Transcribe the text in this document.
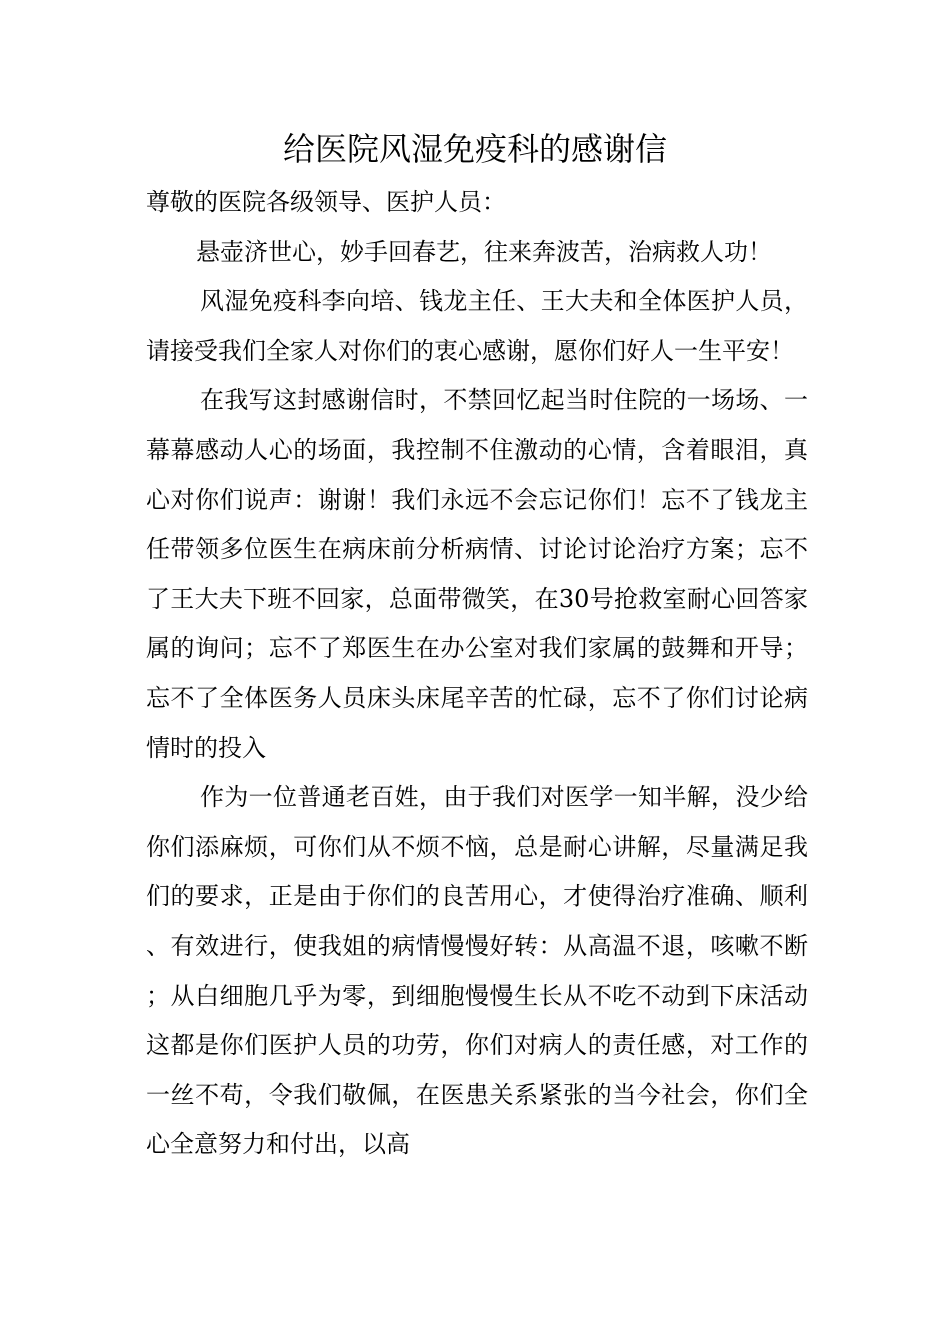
给医院风湿免疫科的感谢信

尊敬的医院各级领导、医护人员：

悬壶济世心，妙手回春艺，往来奔波苦，治病救人功！

风湿免疫科李向培、钱龙主任、王大夫和全体医护人员，请接受我们全家人对你们的衷心感谢，愿你们好人一生平安！

在我写这封感谢信时，不禁回忆起当时住院的一场场、一幕幕感动人心的场面，我控制不住激动的心情，含着眼泪，真心对你们说声：谢谢！我们永远不会忘记你们！忘不了钱龙主任带领多位医生在病床前分析病情、讨论讨论治疗方案；忘不了王大夫下班不回家，总面带微笑，在30号抢救室耐心回答家属的询问；忘不了郑医生在办公室对我们家属的鼓舞和开导；忘不了全体医务人员床头床尾辛苦的忙碌，忘不了你们讨论病情时的投入

作为一位普通老百姓，由于我们对医学一知半解，没少给你们添麻烦，可你们从不烦不恼，总是耐心讲解，尽量满足我们的要求，正是由于你们的良苦用心，才使得治疗准确、顺利、有效进行，使我姐的病情慢慢好转：从高温不退，咳嗽不断；从白细胞几乎为零，到细胞慢慢生长从不吃不动到下床活动这都是你们医护人员的功劳，你们对病人的责任感，对工作的一丝不苟，令我们敬佩，在医患关系紧张的当今社会，你们全心全意努力和付出，以高
